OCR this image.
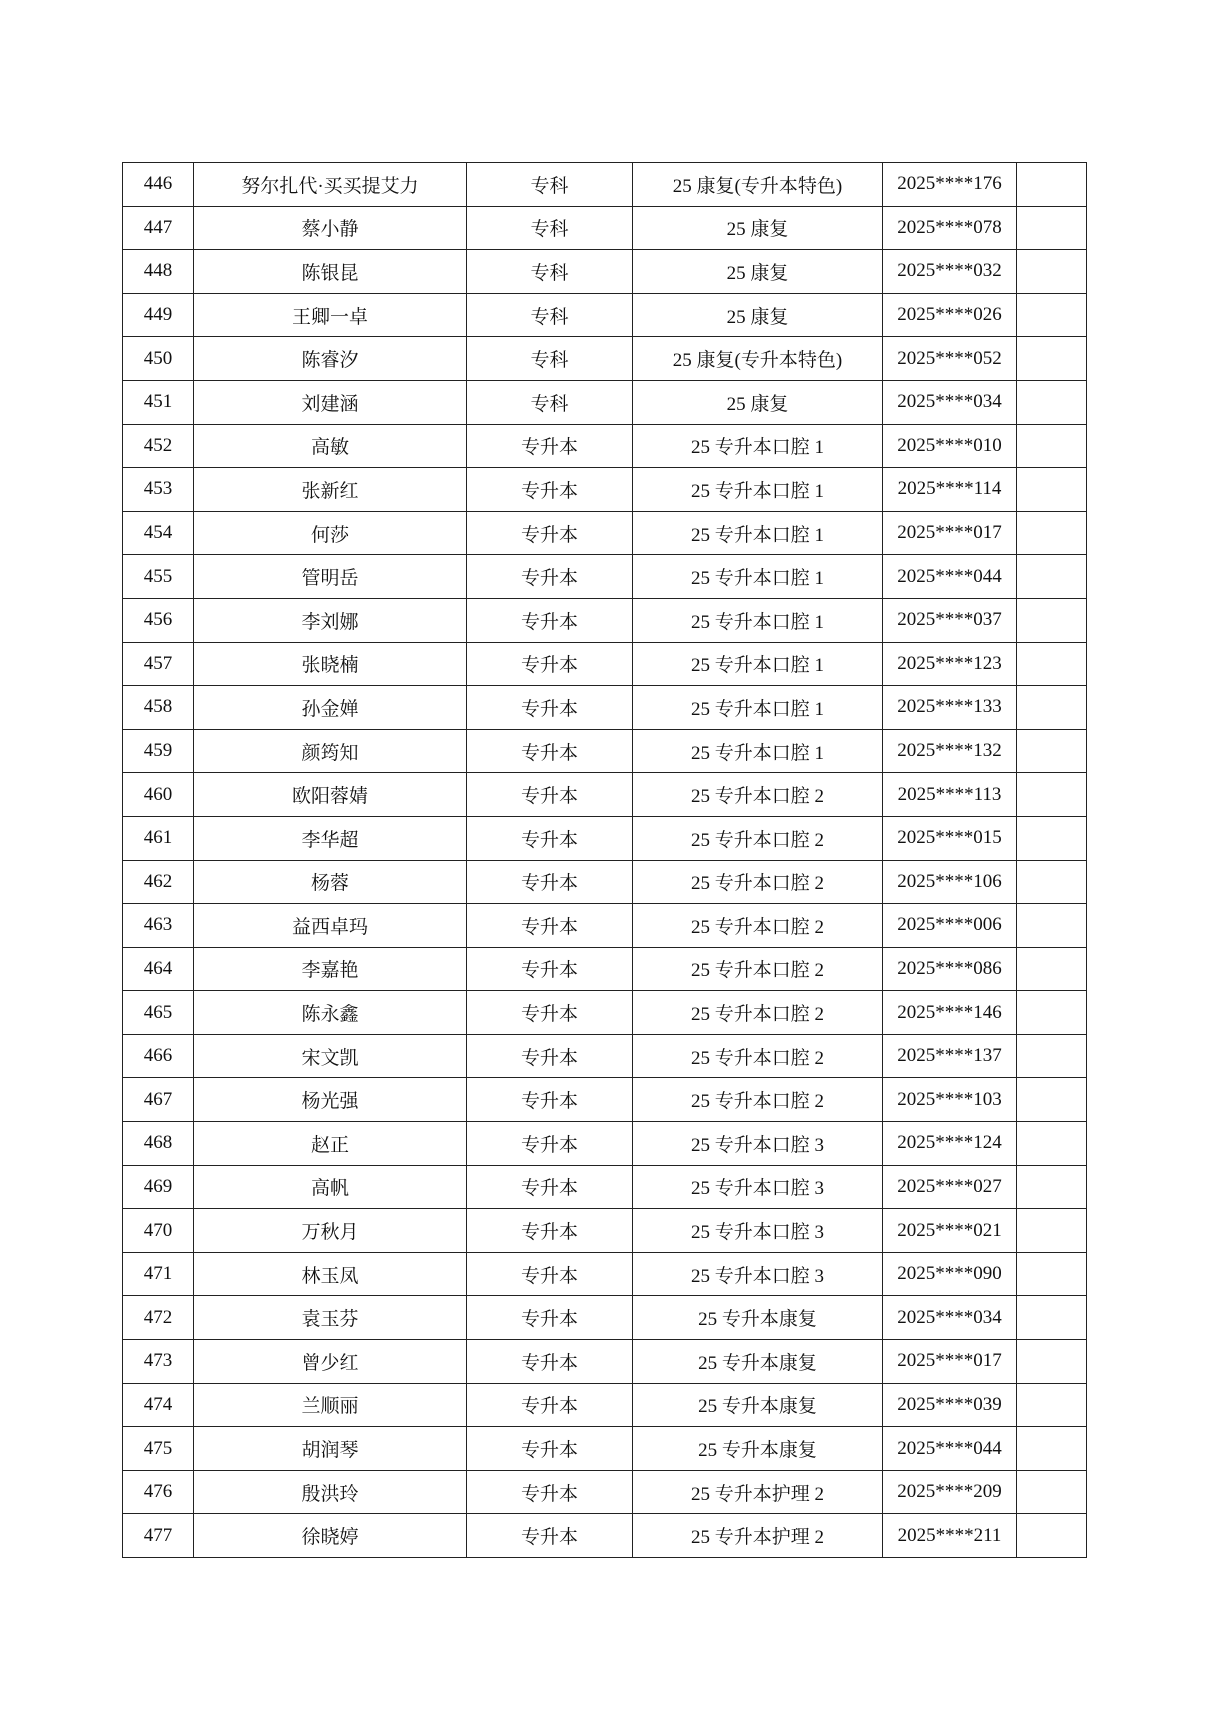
446	努尔扎代·买买提艾力	专科	25 康复(专升本特色)	2025****176	
447	蔡小静	专科	25 康复	2025****078	
448	陈银昆	专科	25 康复	2025****032	
449	王卿一卓	专科	25 康复	2025****026	
450	陈睿汐	专科	25 康复(专升本特色)	2025****052	
451	刘建涵	专科	25 康复	2025****034	
452	高敏	专升本	25 专升本口腔 1	2025****010	
453	张新红	专升本	25 专升本口腔 1	2025****114	
454	何莎	专升本	25 专升本口腔 1	2025****017	
455	管明岳	专升本	25 专升本口腔 1	2025****044	
456	李刘娜	专升本	25 专升本口腔 1	2025****037	
457	张晓楠	专升本	25 专升本口腔 1	2025****123	
458	孙金婵	专升本	25 专升本口腔 1	2025****133	
459	颜筠知	专升本	25 专升本口腔 1	2025****132	
460	欧阳蓉婧	专升本	25 专升本口腔 2	2025****113	
461	李华超	专升本	25 专升本口腔 2	2025****015	
462	杨蓉	专升本	25 专升本口腔 2	2025****106	
463	益西卓玛	专升本	25 专升本口腔 2	2025****006	
464	李嘉艳	专升本	25 专升本口腔 2	2025****086	
465	陈永鑫	专升本	25 专升本口腔 2	2025****146	
466	宋文凯	专升本	25 专升本口腔 2	2025****137	
467	杨光强	专升本	25 专升本口腔 2	2025****103	
468	赵正	专升本	25 专升本口腔 3	2025****124	
469	高帆	专升本	25 专升本口腔 3	2025****027	
470	万秋月	专升本	25 专升本口腔 3	2025****021	
471	林玉凤	专升本	25 专升本口腔 3	2025****090	
472	袁玉芬	专升本	25 专升本康复	2025****034	
473	曾少红	专升本	25 专升本康复	2025****017	
474	兰顺丽	专升本	25 专升本康复	2025****039	
475	胡润琴	专升本	25 专升本康复	2025****044	
476	殷洪玲	专升本	25 专升本护理 2	2025****209	
477	徐晓婷	专升本	25 专升本护理 2	2025****211	
